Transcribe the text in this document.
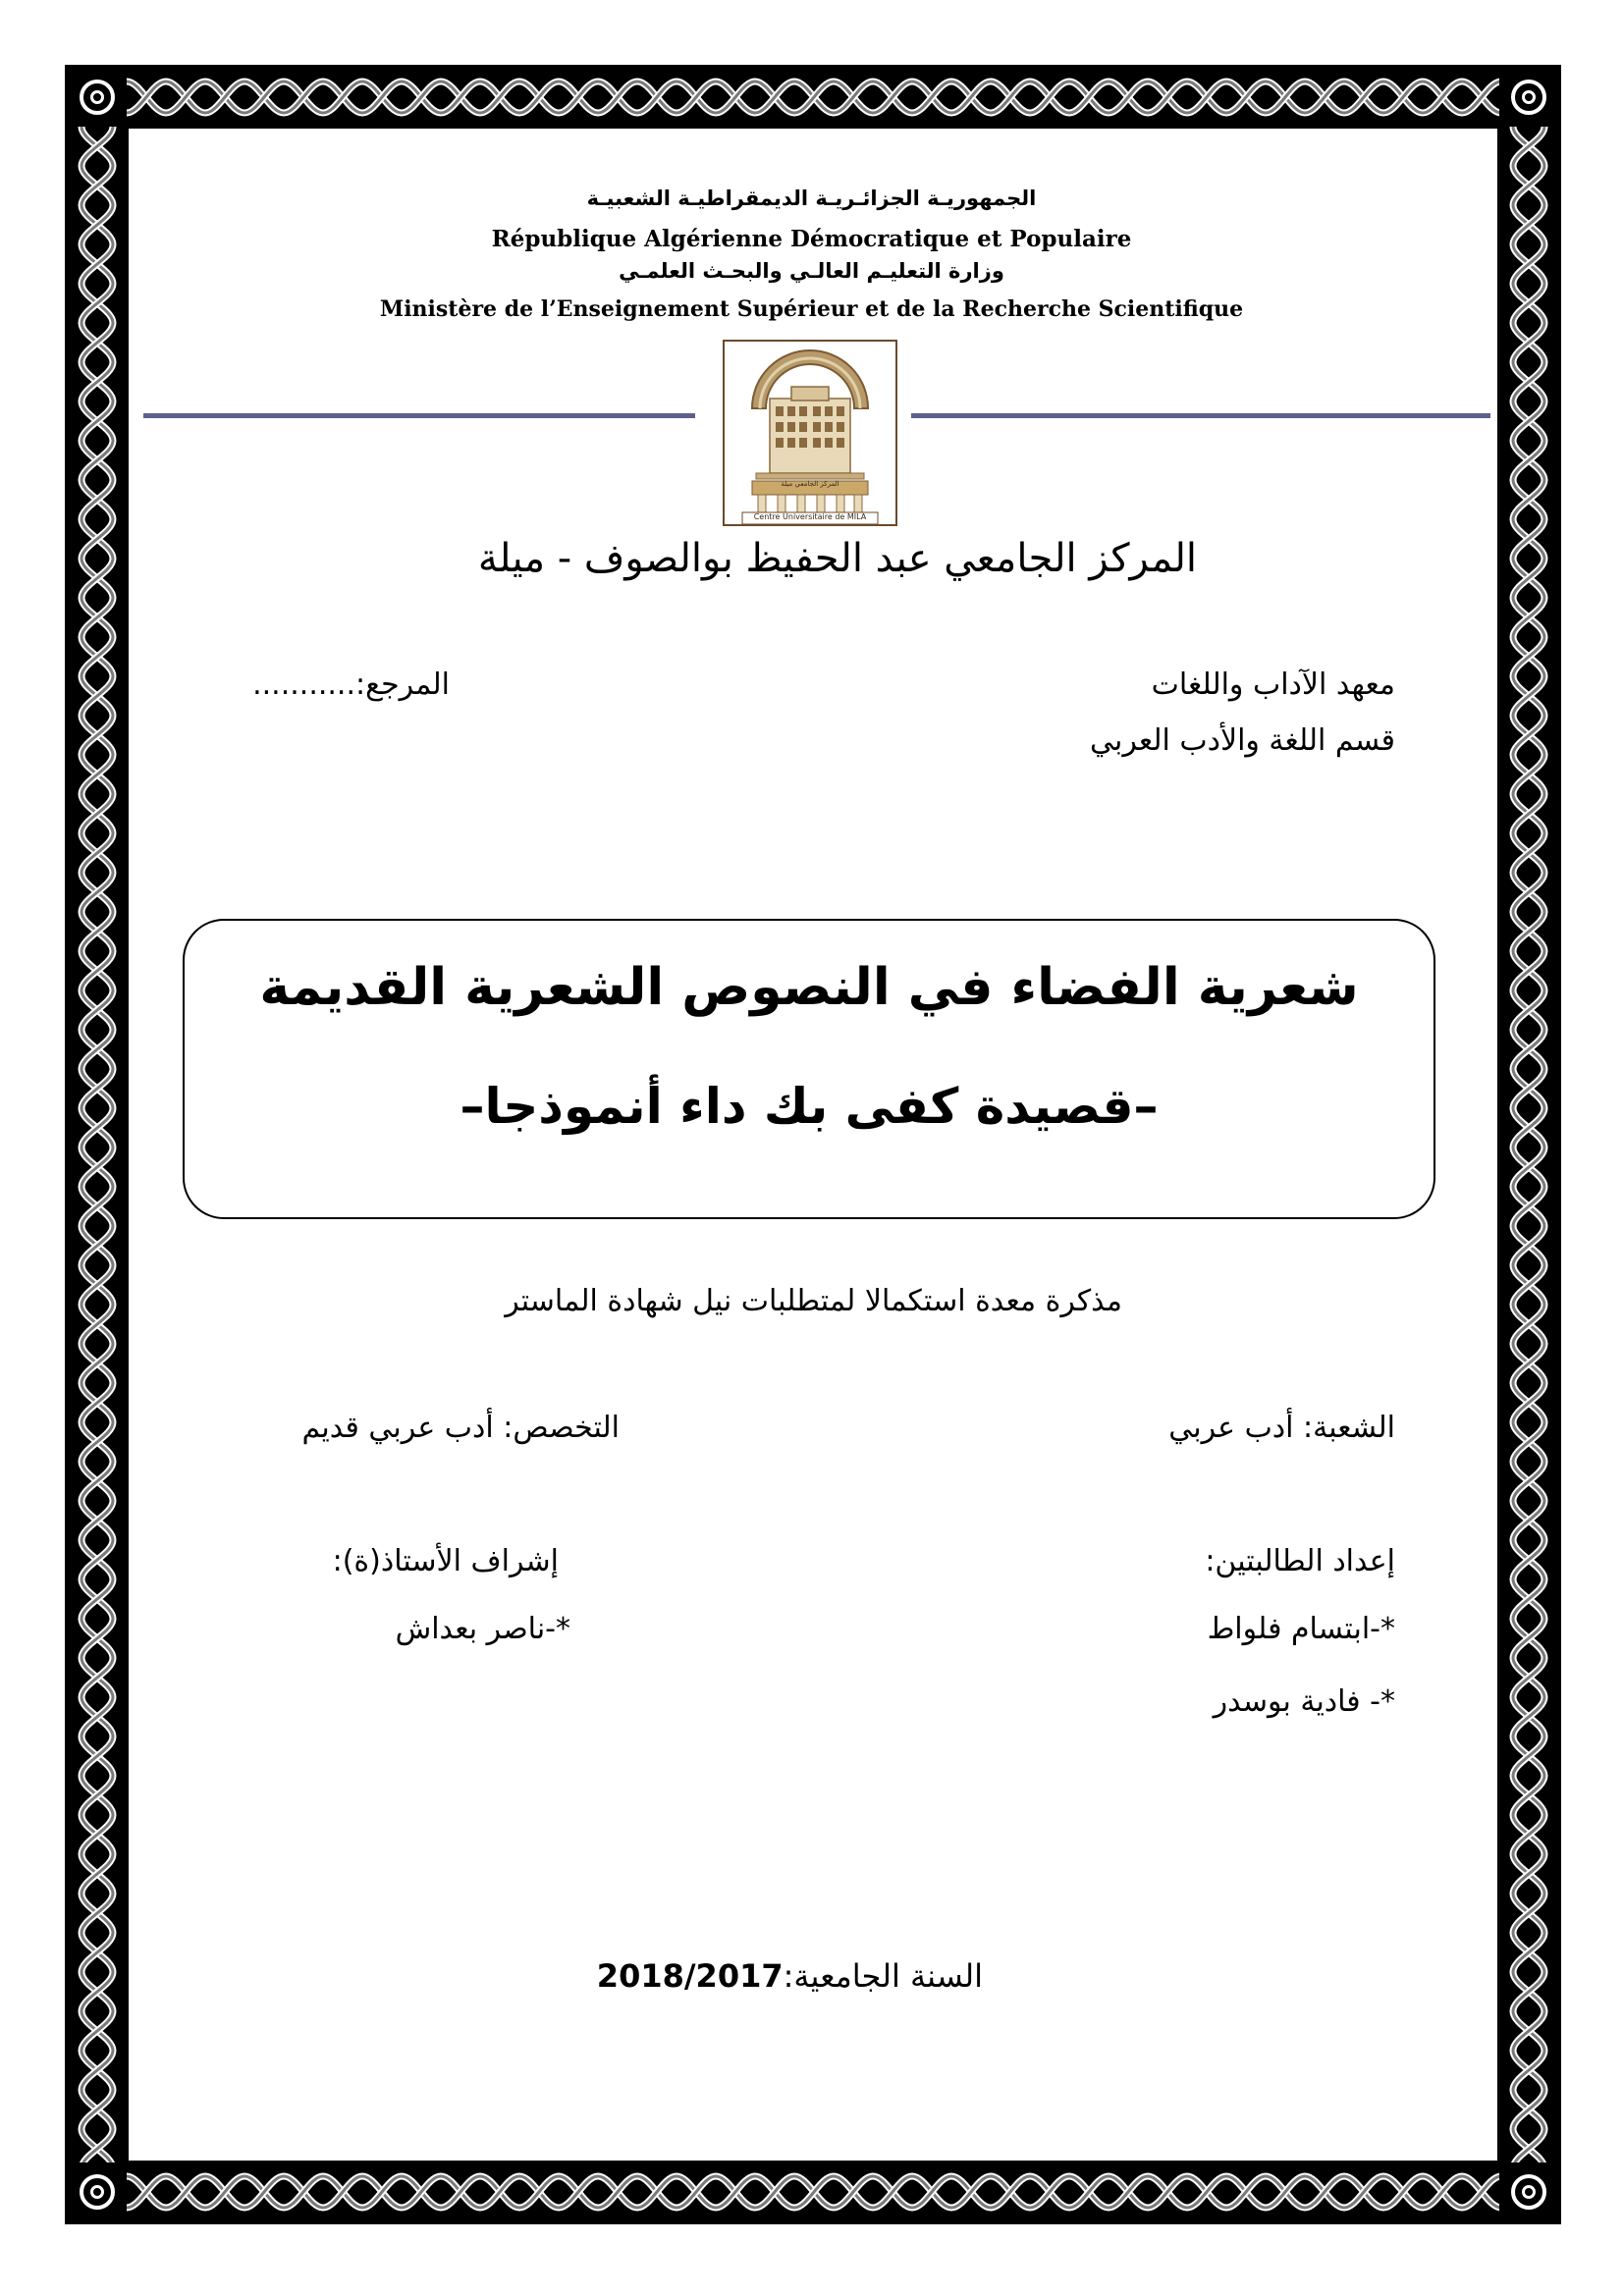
الجمهوريـة الجزائـريـة الديمقراطيـة الشعبيـة
République Algérienne Démocratique et Populaire
وزارة التعليـم العالـي والبحـث العلمـي
Ministère de l’Enseignement Supérieur et de la Recherche Scientifique
المركز الجامعي ميلة
Centre Universitaire de MILA
المركز الجامعي عبد الحفيظ بوالصوف - ميلة
معهد الآداب واللغات
قسم اللغة والأدب العربي
المرجع:...........
شعرية الفضاء في النصوص الشعرية القديمة
–قصيدة كفى بك داء أنموذجا–
مذكرة معدة استكمالا لمتطلبات نيل شهادة الماستر
الشعبة: أدب عربي
التخصص: أدب عربي قديم
إعداد الطالبتين:
*-ابتسام فلواط
*- فادية بوسدر
إشراف الأستاذ(ة):
*-ناصر بعداش
السنة الجامعية:2018/2017
